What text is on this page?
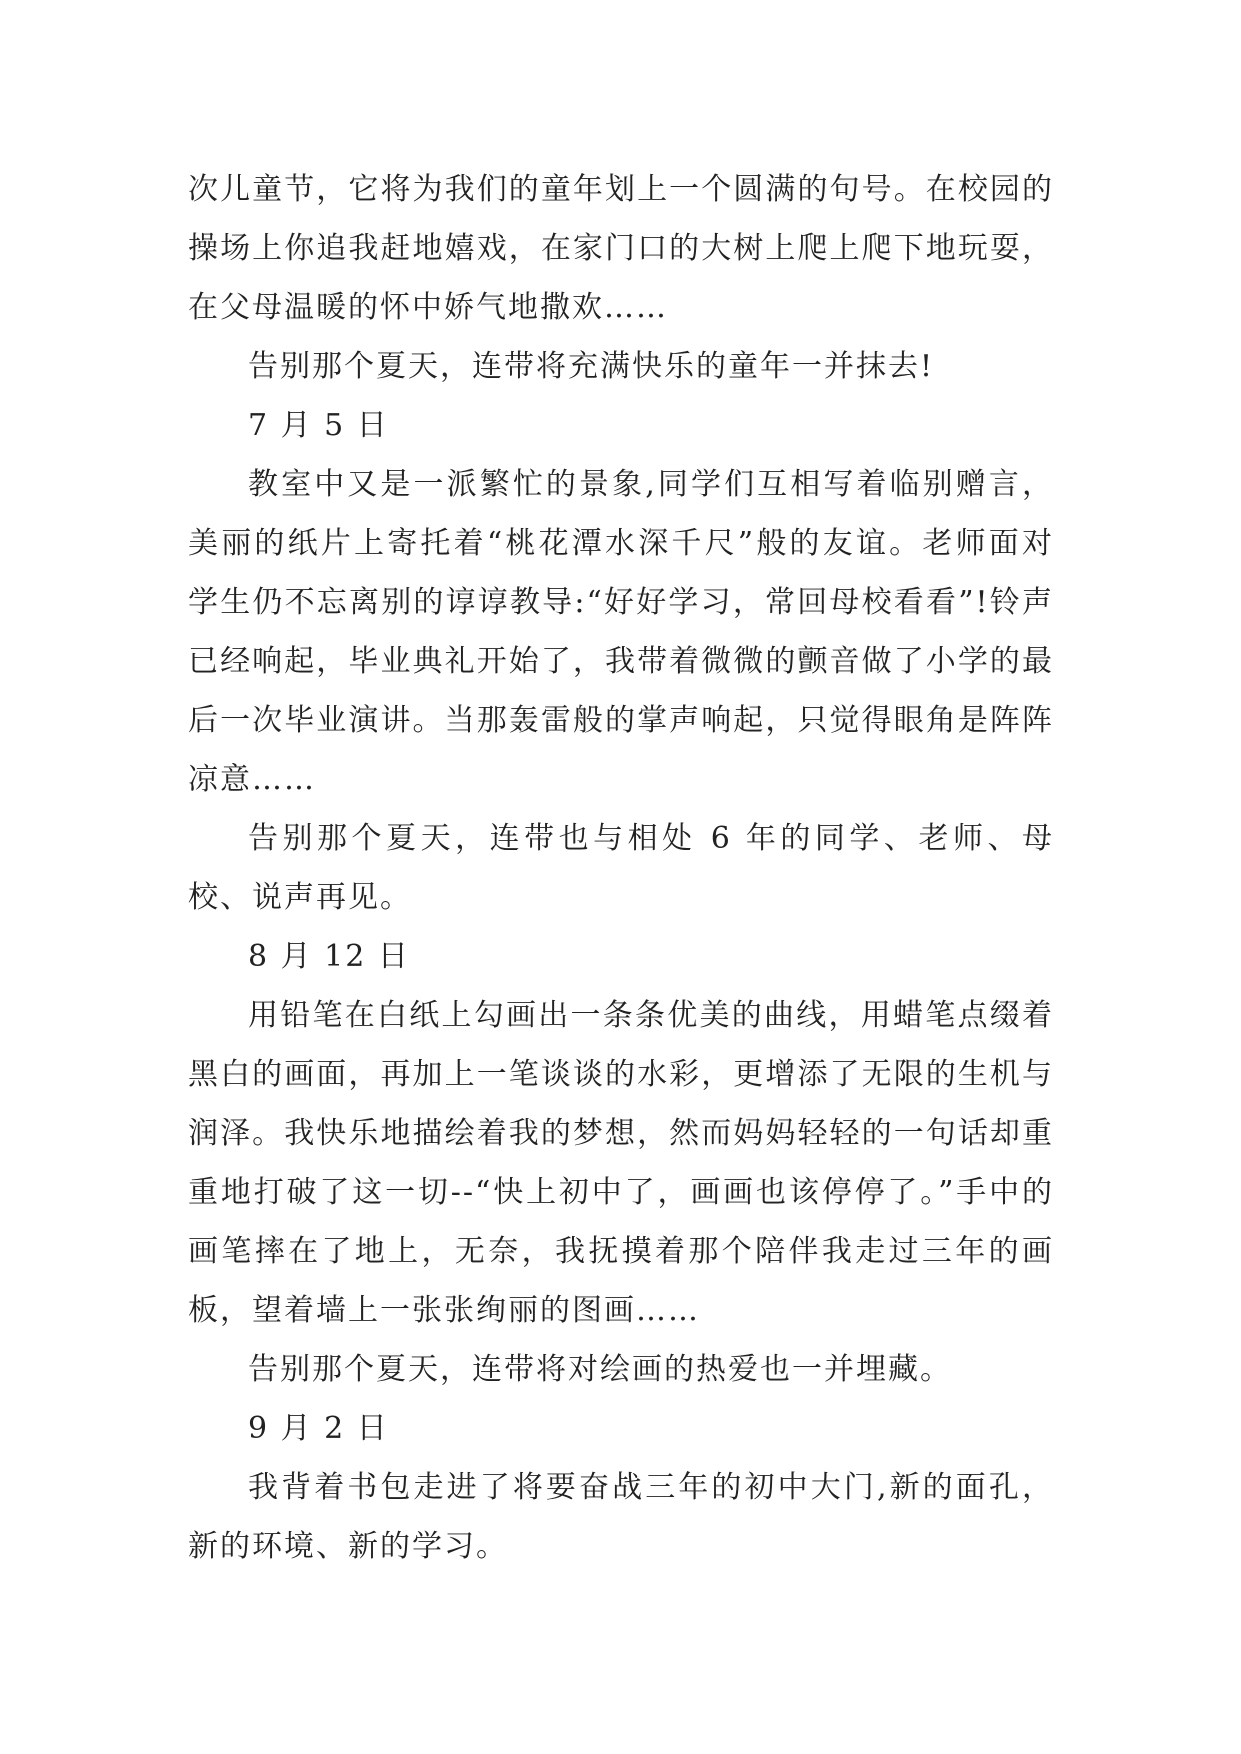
次儿童节，它将为我们的童年划上一个圆满的句号。在校园的操场上你追我赶地嬉戏，在家门口的大树上爬上爬下地玩耍，在父母温暖的怀中娇气地撒欢……

告别那个夏天，连带将充满快乐的童年一并抹去!

7 月 5 日

教室中又是一派繁忙的景象,同学们互相写着临别赠言，美丽的纸片上寄托着“桃花潭水深千尺”般的友谊。老师面对学生仍不忘离别的谆谆教导:“好好学习，常回母校看看”!铃声已经响起，毕业典礼开始了，我带着微微的颤音做了小学的最后一次毕业演讲。当那轰雷般的掌声响起，只觉得眼角是阵阵凉意……

告别那个夏天，连带也与相处 6 年的同学、老师、母校、说声再见。

8 月 12 日

用铅笔在白纸上勾画出一条条优美的曲线，用蜡笔点缀着黑白的画面，再加上一笔谈谈的水彩，更增添了无限的生机与润泽。我快乐地描绘着我的梦想，然而妈妈轻轻的一句话却重重地打破了这一切--“快上初中了，画画也该停停了。”手中的画笔摔在了地上，无奈，我抚摸着那个陪伴我走过三年的画板，望着墙上一张张绚丽的图画……

告别那个夏天，连带将对绘画的热爱也一并埋藏。

9 月 2 日

我背着书包走进了将要奋战三年的初中大门,新的面孔，新的环境、新的学习。
